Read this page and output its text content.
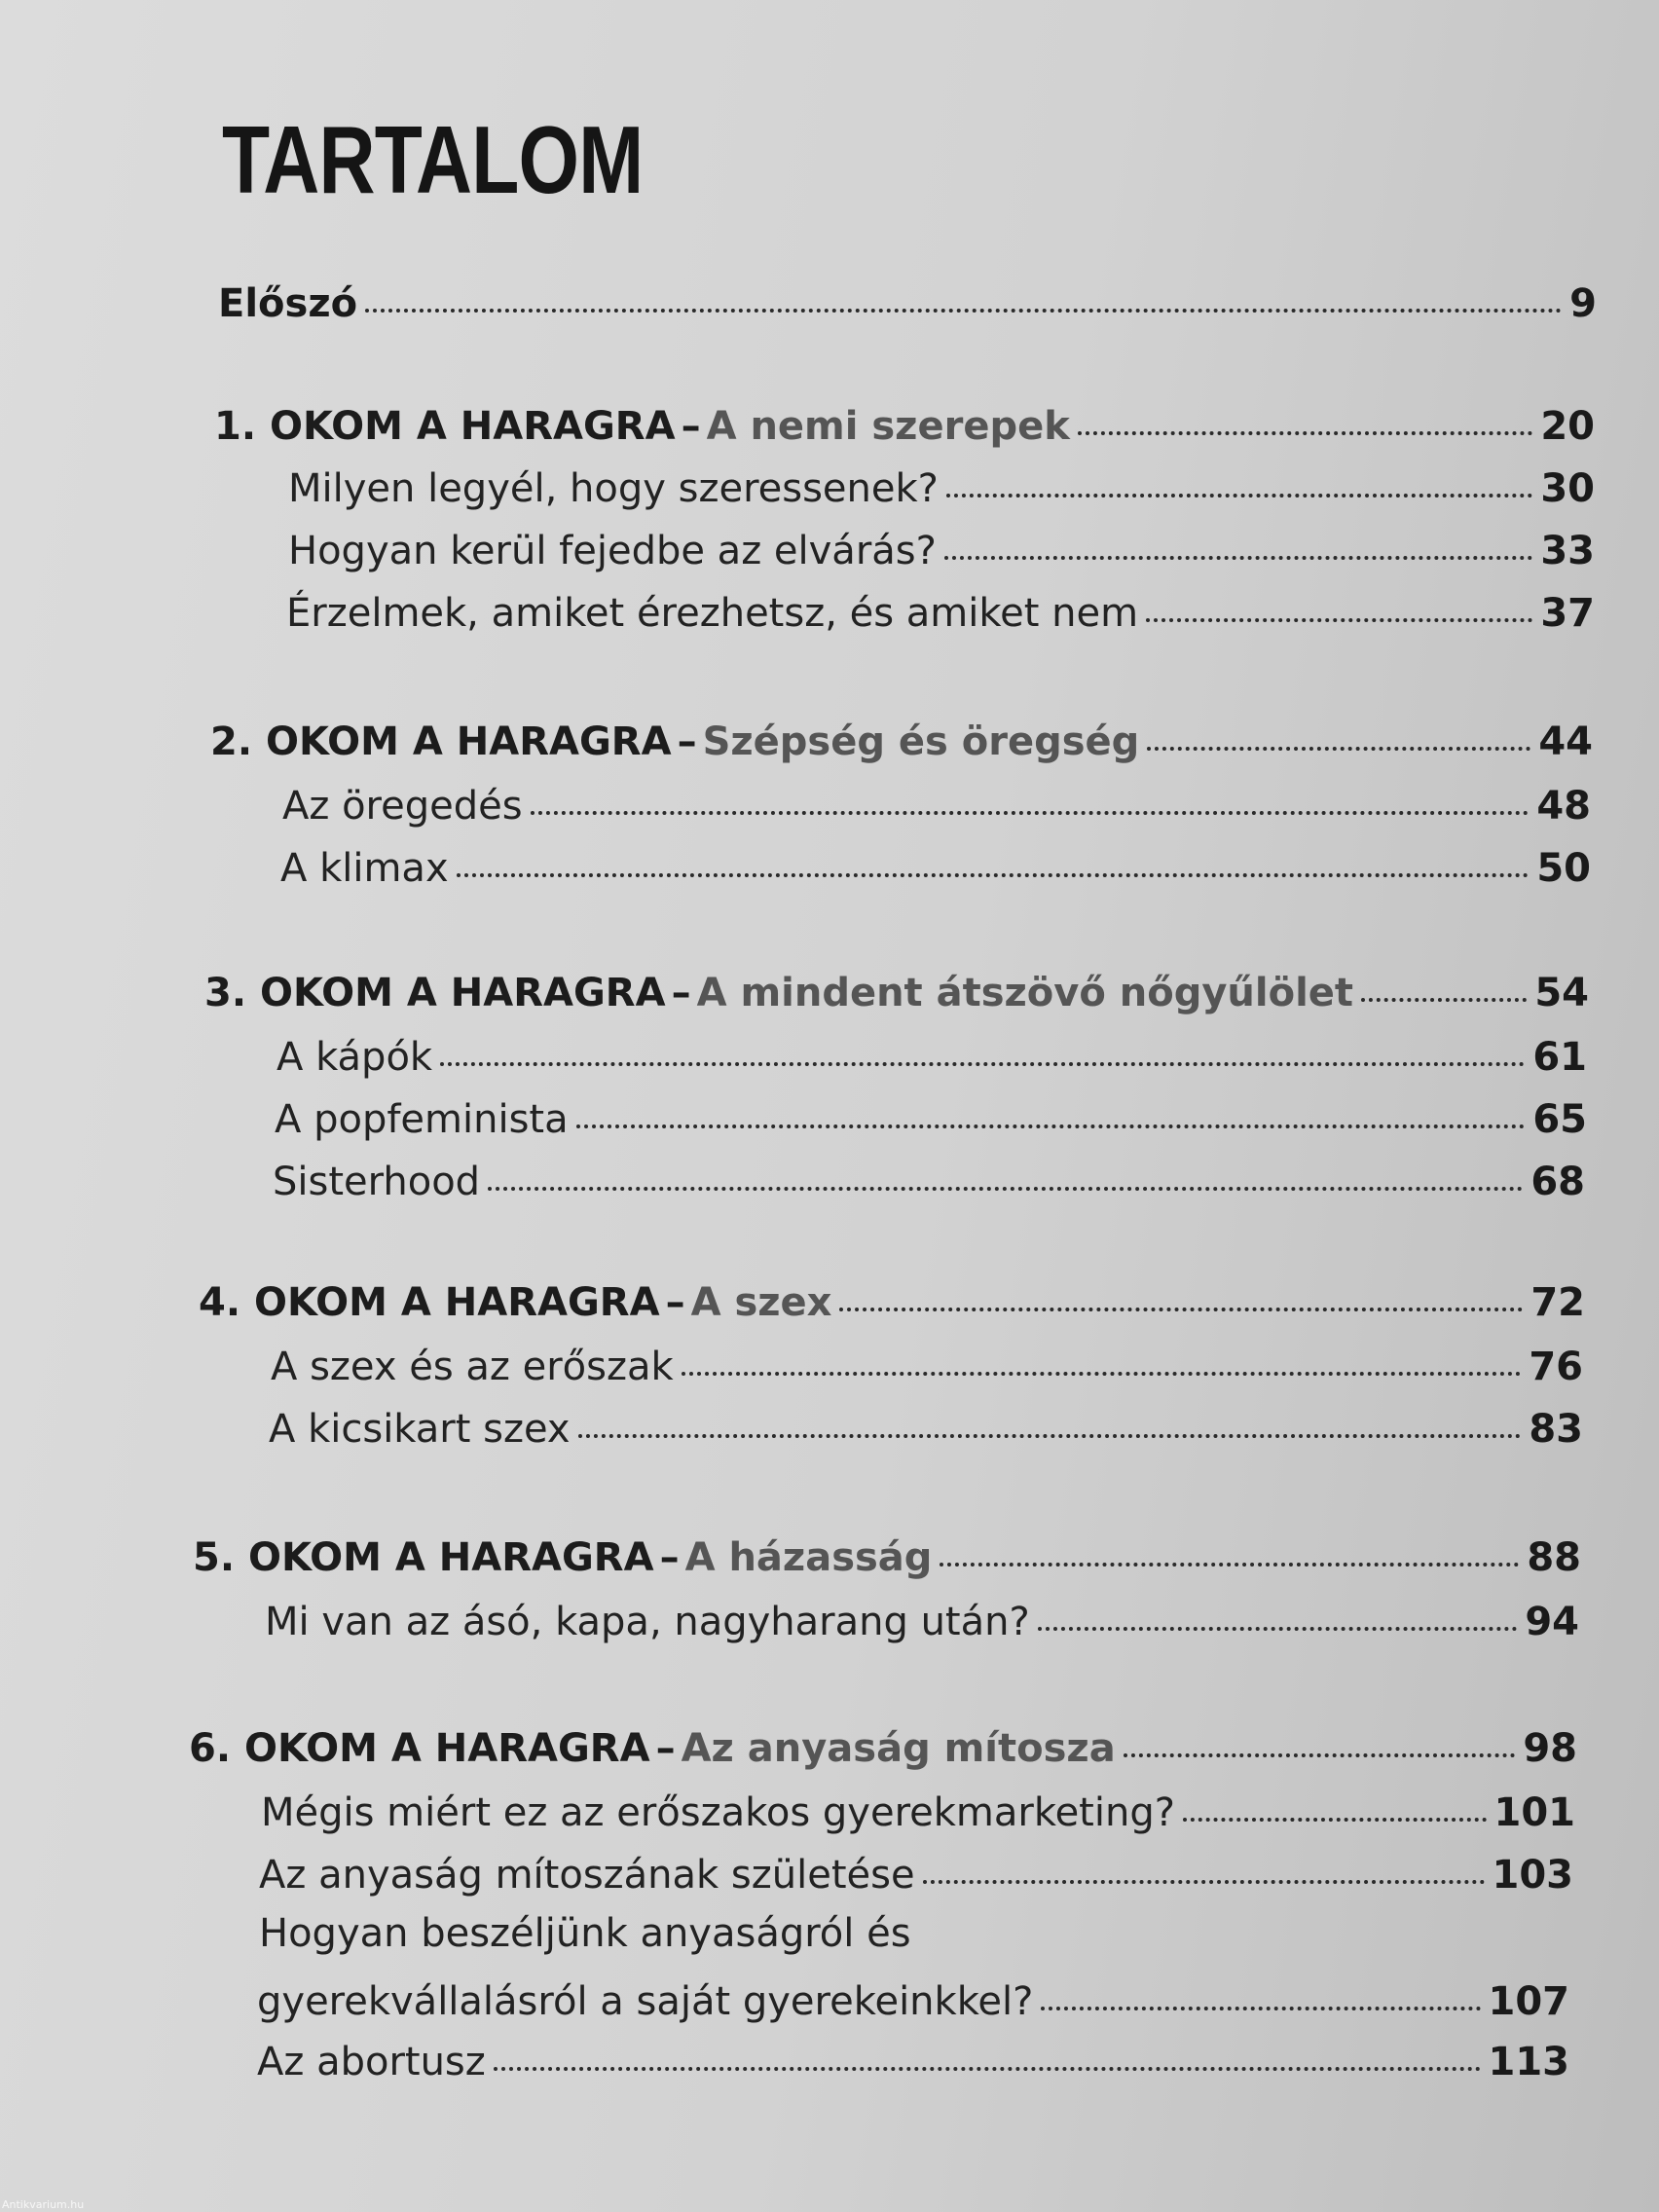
TARTALOM
Előszó	9
1. OKOM A HARAGRA – A nemi szerepek	20
Milyen legyél, hogy szeressenek?	30
Hogyan kerül fejedbe az elvárás?	33
Érzelmek, amiket érezhetsz, és amiket nem	37
2. OKOM A HARAGRA – Szépség és öregség	44
Az öregedés	48
A klimax	50
3. OKOM A HARAGRA – A mindent átszövő nőgyűlölet	54
A kápók	61
A popfeminista	65
Sisterhood	68
4. OKOM A HARAGRA – A szex	72
A szex és az erőszak	76
A kicsikart szex	83
5. OKOM A HARAGRA – A házasság	88
Mi van az ásó, kapa, nagyharang után?	94
6. OKOM A HARAGRA – Az anyaság mítosza	98
Mégis miért ez az erőszakos gyerekmarketing?	101
Az anyaság mítoszának születése	103
Hogyan beszéljünk anyaságról és
gyerekvállalásról a saját gyerekeinkkel?	107
Az abortusz	113
Antikvarium.hu
